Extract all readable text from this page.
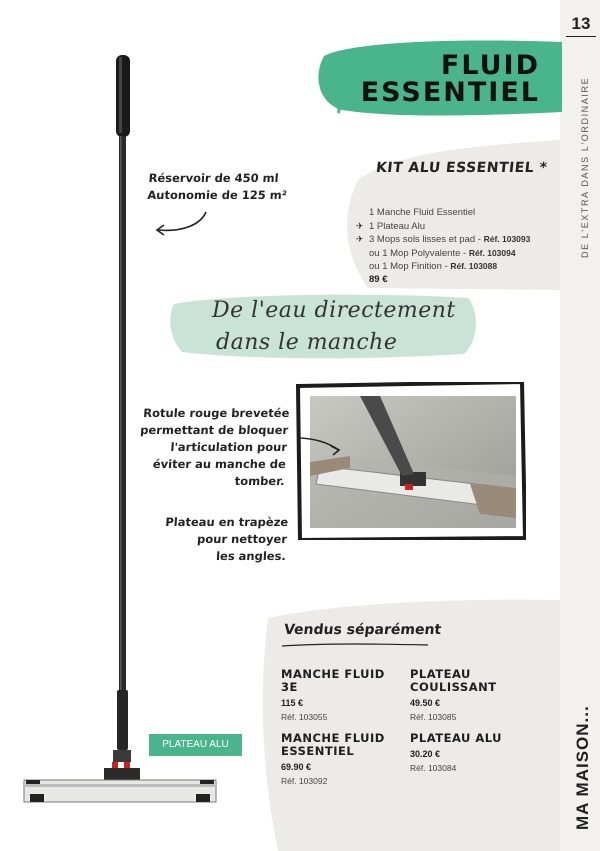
13
DE L'EXTRA DANS L'ORDINAIRE
MA MAISON...
FLUID
ESSENTIEL
KIT ALU ESSENTIEL *
1 Manche Fluid Essentiel
✈ 1 Plateau Alu
✈ 3 Mops sols lisses et pad - Réf. 103093
ou 1 Mop Polyvalente - Réf. 103094
ou 1 Mop Finition - Réf. 103088
89 €
De l'eau directement
dans le manche
Réservoir de 450 ml
Autonomie de 125 m²
Rotule rouge brevetée
permettant de bloquer
l'articulation pour
éviter au manche de
tomber.
Plateau en trapèze
pour nettoyer
les angles.
Vendus séparément
MANCHE FLUID 3E
115 €
Réf. 103055
PLATEAU COULISSANT
49.50 €
Réf. 103085
MANCHE FLUID ESSENTIEL
69.90 €
Réf. 103092
PLATEAU ALU
30.20 €
Réf. 103084
PLATEAU ALU
